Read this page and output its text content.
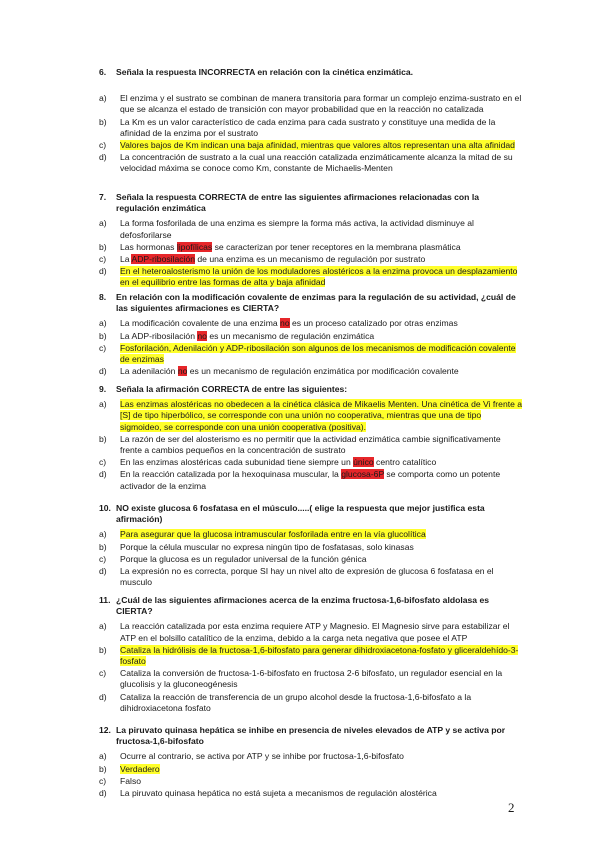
6.	Señala la respuesta INCORRECTA en relación con la cinética enzimática.
a)	El enzima y el sustrato se combinan de manera transitoria para formar un complejo enzima-sustrato en el que se alcanza el estado de transición con mayor probabilidad que en la reacción no catalizada
b)	La Km es un valor característico de cada enzima para cada sustrato y constituye una medida de la afinidad de la enzima por el sustrato
c)	Valores bajos de Km indican una baja afinidad, mientras que valores altos representan una alta afinidad
d)	La concentración de sustrato a la cual una reacción catalizada enzimáticamente alcanza la mitad de su velocidad máxima se conoce como Km, constante de Michaelis-Menten
7.	Señala la respuesta CORRECTA de entre las siguientes afirmaciones relacionadas con la regulación enzimática
a)	La forma fosforilada de una enzima es siempre la forma más activa, la actividad disminuye al defosforilarse
b)	Las hormonas lipofílicas se caracterizan por tener receptores en la membrana plasmática
c)	La ADP-ribosilación de una enzima es un mecanismo de regulación por sustrato
d)	En el heteroalosterismo la unión de los moduladores alostéricos a la enzima provoca un desplazamiento en el equilibrio entre las formas de alta y baja afinidad
8.	En relación con la modificación covalente de enzimas para la regulación de su actividad, ¿cuál de las siguientes afirmaciones es CIERTA?
a)	La modificación covalente de una enzima no es un proceso catalizado por otras enzimas
b)	La ADP-ribosilación no es un mecanismo de regulación enzimática
c)	Fosforilación, Adenilación y ADP-ribosilación son algunos de los mecanismos de modificación covalente de enzimas
d)	La adenilación no es un mecanismo de regulación enzimática por modificación covalente
9.	Señala la afirmación CORRECTA de entre las siguientes:
a)	Las enzimas alostéricas no obedecen a la cinética clásica de Mikaelis Menten. Una cinética de Vi frente a [S] de tipo hiperbólico, se corresponde con una unión no cooperativa, mientras que una de tipo sigmoideo, se corresponde con una unión cooperativa (positiva).
b)	La razón de ser del alosterismo es no permitir que la actividad enzimática cambie significativamente frente a cambios pequeños en la concentración de sustrato
c)	En las enzimas alostéricas cada subunidad tiene siempre un único centro catalítico
d)	En la reacción catalizada por la hexoquinasa muscular, la glucosa-6P se comporta como un potente activador de la enzima
10. NO existe glucosa 6 fosfatasa en el músculo.....( elige la respuesta que mejor justifica esta afirmación)
a)	Para asegurar que la glucosa intramuscular fosforilada entre en la vía glucolítica
b)	Porque la célula muscular no expresa ningún tipo de fosfatasas, solo kinasas
c)	Porque la glucosa es un regulador universal de la función génica
d)	La expresión no es correcta, porque SI hay un nivel alto de expresión de glucosa 6 fosfatasa en el musculo
11. ¿Cuál de las siguientes afirmaciones acerca de la enzima fructosa-1,6-bifosfato aldolasa es CIERTA?
a)	La reacción catalizada por esta enzima requiere ATP y Magnesio. El Magnesio sirve para estabilizar el ATP en el bolsillo catalítico de la enzima, debido a la carga neta negativa que posee el ATP
b)	Cataliza la hidrólisis de la fructosa-1,6-bifosfato para generar dihidroxiacetona-fosfato y gliceraldehído-3-fosfato
c)	Cataliza la conversión de fructosa-1-6-bifosfato en fructosa 2-6 bifosfato, un regulador esencial en la glucolisis y la gluconeogénesis
d)	Cataliza la reacción de transferencia de un grupo alcohol desde la fructosa-1,6-bifosfato a la dihidroxiacetona fosfato
12. La piruvato quinasa hepática se inhibe en presencia de niveles elevados de ATP y se activa por fructosa-1,6-bifosfato
a)	Ocurre al contrario, se activa por ATP y se inhibe por fructosa-1,6-bifosfato
b)	Verdadero
c)	Falso
d)	La piruvato quinasa hepática no está sujeta a mecanismos de regulación alostérica
2
